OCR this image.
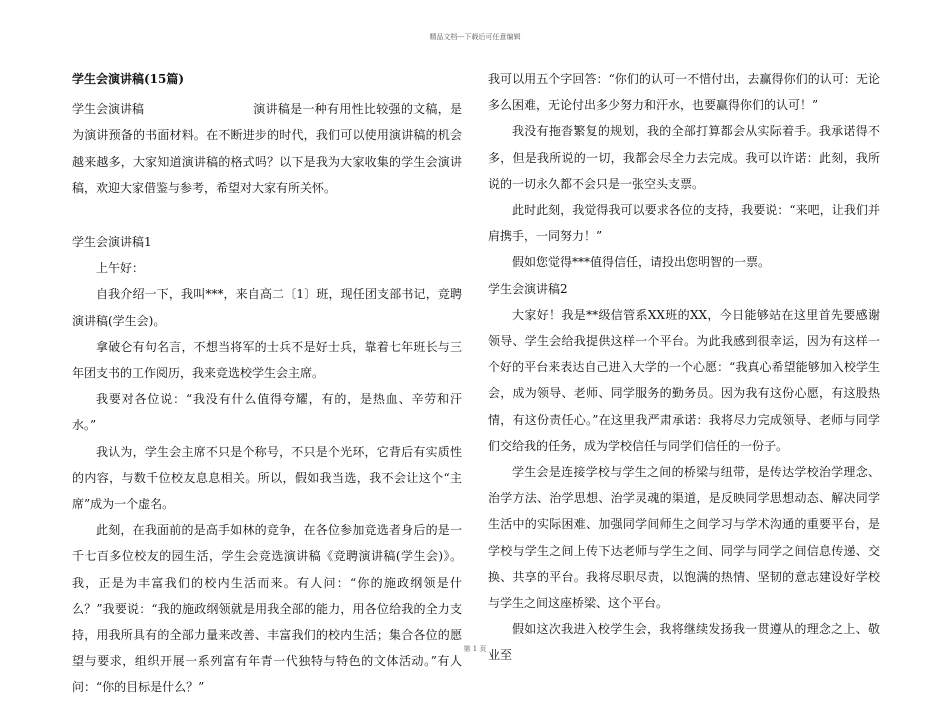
精品文档---下载后可任意编辑

学生会演讲稿(15篇)

学生会演讲稿	演讲稿是一种有用性比较强的文稿，是为演讲预备的书面材料。在不断进步的时代，我们可以使用演讲稿的机会越来越多，大家知道演讲稿的格式吗？以下是我为大家收集的学生会演讲稿，欢迎大家借鉴与参考，希望对大家有所关怀。

学生会演讲稿1

上午好：

自我介绍一下，我叫***，来自高二〔1〕班，现任团支部书记，竞聘演讲稿(学生会)。

拿破仑有句名言，不想当将军的士兵不是好士兵，靠着七年班长与三年团支书的工作阅历，我来竞选校学生会主席。

我要对各位说：“我没有什么值得夸耀，有的，是热血、辛劳和汗水。”

我认为，学生会主席不只是个称号，不只是个光环，它背后有实质性的内容，与数千位校友息息相关。所以，假如我当选，我不会让这个“主席”成为一个虚名。

此刻，在我面前的是高手如林的竞争，在各位参加竞选者身后的是一千七百多位校友的园生活，学生会竞选演讲稿《竞聘演讲稿(学生会)》。我，正是为丰富我们的校内生活而来。有人问：“你的施政纲领是什么？”我要说：“我的施政纲领就是用我全部的能力，用各位给我的全力支持，用我所具有的全部力量来改善、丰富我们的校内生活；集合各位的愿望与要求，组织开展一系列富有年青一代独特与特色的文体活动。”有人问：“你的目标是什么？”

我可以用五个字回答：“你们的认可一不惜付出，去赢得你们的认可：无论多么困难，无论付出多少努力和汗水，也要赢得你们的认可！”

我没有拖沓繁复的规划，我的全部打算都会从实际着手。我承诺得不多，但是我所说的一切，我都会尽全力去完成。我可以许诺：此刻，我所说的一切永久都不会只是一张空头支票。

此时此刻，我觉得我可以要求各位的支持，我要说：“来吧，让我们并肩携手，一同努力！”

假如您觉得***值得信任，请投出您明智的一票。

学生会演讲稿2

大家好！我是**级信管系XX班的XX，今日能够站在这里首先要感谢领导、学生会给我提供这样一个平台。为此我感到很幸运，因为有这样一个好的平台来表达自己进入大学的一个心愿：“我真心希望能够加入校学生会，成为领导、老师、同学服务的勤务员。因为我有这份心愿，有这股热情，有这份责任心。”在这里我严肃承诺：我将尽力完成领导、老师与同学们交给我的任务，成为学校信任与同学们信任的一份子。

学生会是连接学校与学生之间的桥梁与纽带，是传达学校治学理念、治学方法、治学思想、治学灵魂的渠道，是反映同学思想动态、解决同学生活中的实际困难、加强同学间师生之间学习与学术沟通的重要平台，是学校与学生之间上传下达老师与学生之间、同学与同学之间信息传递、交换、共享的平台。我将尽职尽责，以饱满的热情、坚韧的意志建设好学校与学生之间这座桥梁、这个平台。

假如这次我进入校学生会，我将继续发扬我一贯遵从的理念之上、敬业至

第 1 页
